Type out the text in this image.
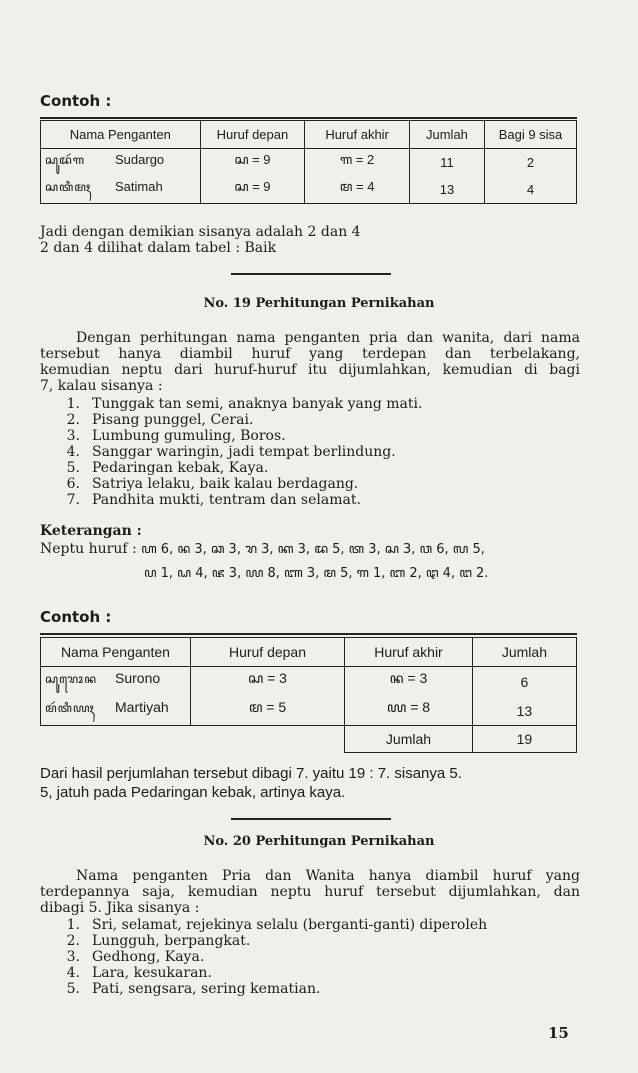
Contoh :
Nama Penganten	Huruf depan	Huruf akhir	Jumlah	Bagi 9 sisa
ꦱꦸꦢꦂꦒ Sudargo	ꦱ = 9	ꦒ = 2	11	2
ꦱꦠꦶꦩꦃ Satimah	ꦱ = 9	ꦩ = 4	13	4
Jadi dengan demikian sisanya adalah 2 dan 4
2 dan 4 dilihat dalam tabel : Baik
No. 19 Perhitungan Pernikahan
Dengan perhitungan nama penganten pria dan wanita, dari nama
tersebut hanya diambil huruf yang terdepan dan terbelakang,
kemudian neptu dari huruf-huruf itu dijumlahkan, kemudian di bagi
7, kalau sisanya :
1. Tunggak tan semi, anaknya banyak yang mati.
2. Pisang punggel, Cerai.
3. Lumbung gumuling, Boros.
4. Sanggar waringin, jadi tempat berlindung.
5. Pedaringan kebak, Kaya.
6. Satriya lelaku, baik kalau berdagang.
7. Pandhita mukti, tentram dan selamat.
Keterangan :
Neptu huruf : ꦲ 6, ꦤ 3, ꦕ 3, ꦫ 3, ꦏ 3, ꦢ 5, ꦠ 3, ꦱ 3, ꦮ 6, ꦭ 5,
ꦥ 1, ꦝ 4, ꦗ 3, ꦪ 8, ꦚ 3, ꦩ 5, ꦒ 1, ꦧ 2, ꦛ 4, ꦔ 2.
Contoh :
Nama Penganten	Huruf depan	Huruf akhir	Jumlah
ꦱꦸꦫꦺꦴꦤ Surono	ꦱ = 3	ꦤ = 3	6
ꦩꦂꦠꦶꦪꦃ Martiyah	ꦩ = 5	ꦪ = 8	13
		Jumlah	19
Dari hasil perjumlahan tersebut dibagi 7. yaitu 19 : 7. sisanya 5.
5, jatuh pada Pedaringan kebak, artinya kaya.
No. 20 Perhitungan Pernikahan
Nama penganten Pria dan Wanita hanya diambil huruf yang
terdepannya saja, kemudian neptu huruf tersebut dijumlahkan, dan
dibagi 5. Jika sisanya :
1. Sri, selamat, rejekinya selalu (berganti-ganti) diperoleh
2. Lungguh, berpangkat.
3. Gedhong, Kaya.
4. Lara, kesukaran.
5. Pati, sengsara, sering kematian.
15
